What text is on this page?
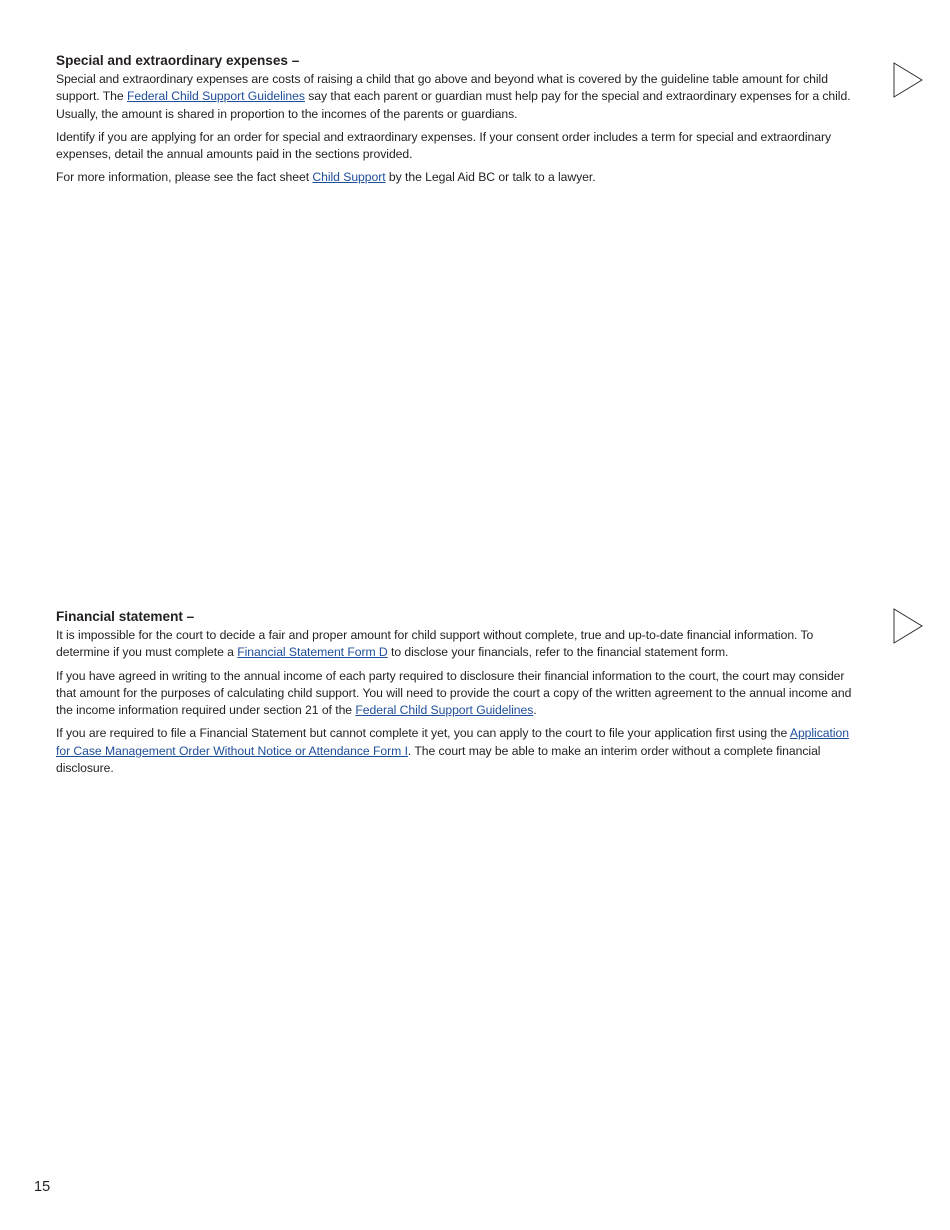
Special and extraordinary expenses –

Special and extraordinary expenses are costs of raising a child that go above and beyond what is covered by the guideline table amount for child support. The Federal Child Support Guidelines say that each parent or guardian must help pay for the special and extraordinary expenses for a child. Usually, the amount is shared in proportion to the incomes of the parents or guardians.

Identify if you are applying for an order for special and extraordinary expenses. If your consent order includes a term for special and extraordinary expenses, detail the annual amounts paid in the sections provided.

For more information, please see the fact sheet Child Support by the Legal Aid BC or talk to a lawyer.

Financial statement –

It is impossible for the court to decide a fair and proper amount for child support without complete, true and up-to-date financial information. To determine if you must complete a Financial Statement Form D to disclose your financials, refer to the financial statement form.

If you have agreed in writing to the annual income of each party required to disclosure their financial information to the court, the court may consider that amount for the purposes of calculating child support. You will need to provide the court a copy of the written agreement to the annual income and the income information required under section 21 of the Federal Child Support Guidelines.

If you are required to file a Financial Statement but cannot complete it yet, you can apply to the court to file your application first using the Application for Case Management Order Without Notice or Attendance Form I. The court may be able to make an interim order without a complete financial disclosure.

15
